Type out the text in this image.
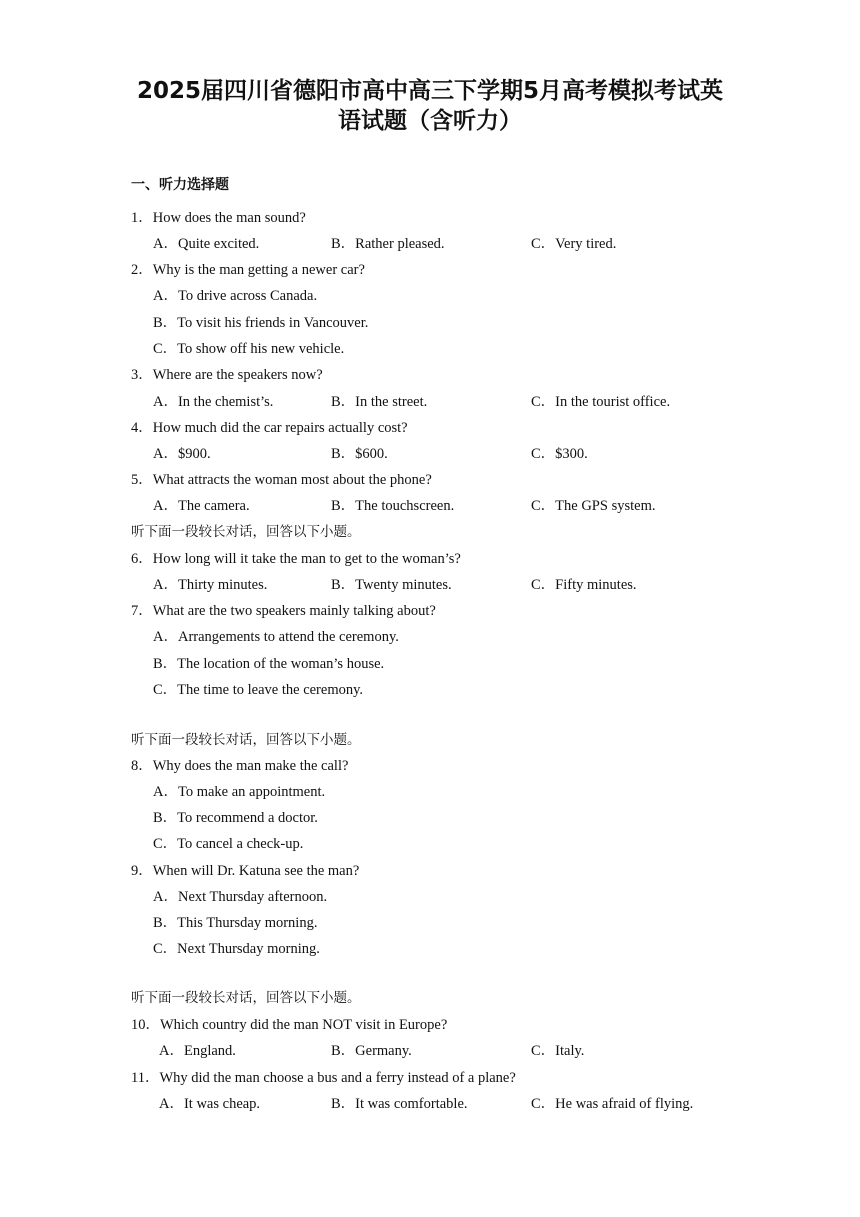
2025届四川省德阳市高中高三下学期5月高考模拟考试英
语试题（含听力）
一、听力选择题
1．How does the man sound?
A．Quite excited.	B．Rather pleased.	C．Very tired.
2．Why is the man getting a newer car?
A．To drive across Canada.
B．To visit his friends in Vancouver.
C．To show off his new vehicle.
3．Where are the speakers now?
A．In the chemist’s.	B．In the street.	C．In the tourist office.
4．How much did the car repairs actually cost?
A．$900.	B．$600.	C．$300.
5．What attracts the woman most about the phone?
A．The camera.	B．The touchscreen.	C．The GPS system.
听下面一段较长对话，回答以下小题。
6．How long will it take the man to get to the woman’s?
A．Thirty minutes.	B．Twenty minutes.	C．Fifty minutes.
7．What are the two speakers mainly talking about?
A．Arrangements to attend the ceremony.
B．The location of the woman’s house.
C．The time to leave the ceremony.
听下面一段较长对话，回答以下小题。
8．Why does the man make the call?
A．To make an appointment.
B．To recommend a doctor.
C．To cancel a check-up.
9．When will Dr. Katuna see the man?
A．Next Thursday afternoon.
B．This Thursday morning.
C．Next Thursday morning.
听下面一段较长对话，回答以下小题。
10．Which country did the man NOT visit in Europe?
A．England.	B．Germany.	C．Italy.
11．Why did the man choose a bus and a ferry instead of a plane?
A．It was cheap.	B．It was comfortable.	C．He was afraid of flying.
